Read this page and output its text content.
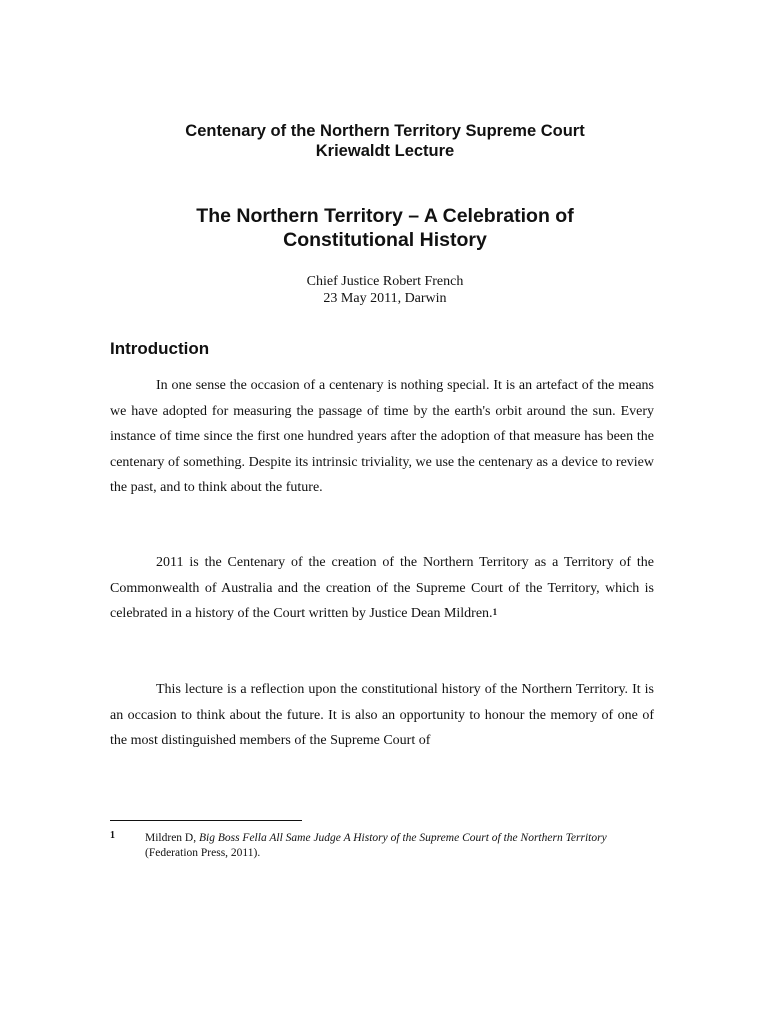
Centenary of the Northern Territory Supreme Court
Kriewaldt Lecture
The Northern Territory – A Celebration of
Constitutional History
Chief Justice Robert French
23 May 2011, Darwin
Introduction

In one sense the occasion of a centenary is nothing special. It is an artefact of the means we have adopted for measuring the passage of time by the earth's orbit around the sun. Every instance of time since the first one hundred years after the adoption of that measure has been the centenary of something. Despite its intrinsic triviality, we use the centenary as a device to review the past, and to think about the future.

2011 is the Centenary of the creation of the Northern Territory as a Territory of the Commonwealth of Australia and the creation of the Supreme Court of the Territory, which is celebrated in a history of the Court written by Justice Dean Mildren.$^1$

This lecture is a reflection upon the constitutional history of the Northern Territory. It is an occasion to think about the future. It is also an opportunity to honour the memory of one of the most distinguished members of the Supreme Court of

1	Mildren D, Big Boss Fella All Same Judge A History of the Supreme Court of the Northern Territory (Federation Press, 2011).
